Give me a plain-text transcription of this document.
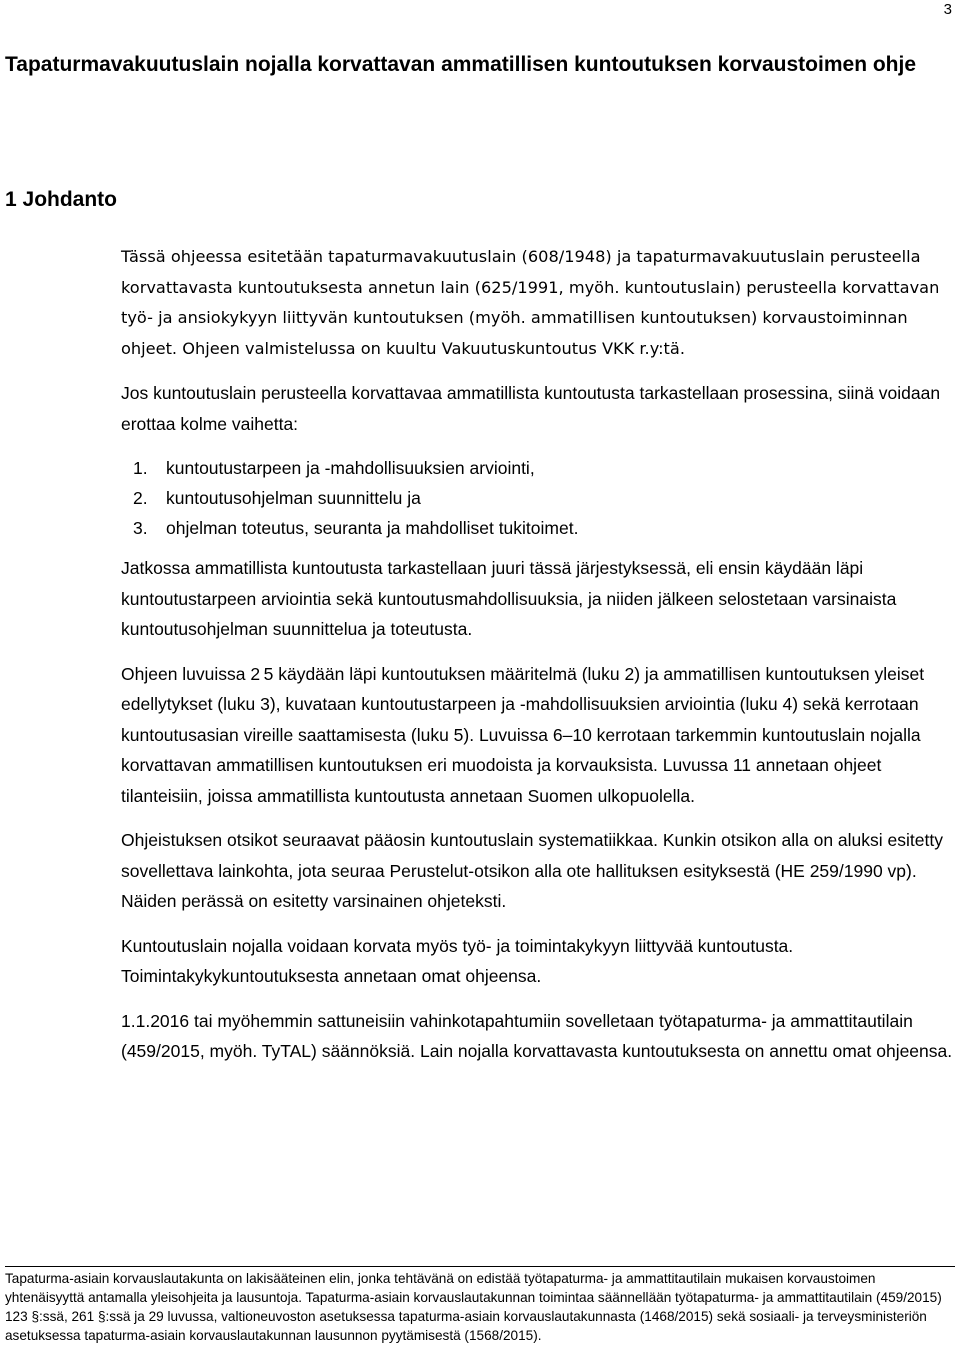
3
Tapaturmavakuutuslain nojalla korvattavan ammatillisen kuntoutuksen korvaustoimen ohje
1 Johdanto

Tässä ohjeessa esitetään tapaturmavakuutuslain (608/1948) ja tapaturmavakuutuslain perusteella korvattavasta kuntoutuksesta annetun lain (625/1991, myöh. kuntoutuslain) perusteella korvattavan työ- ja ansiokykyyn liittyvän kuntoutuksen (myöh. ammatillisen kuntoutuksen) korvaustoiminnan ohjeet. Ohjeen valmistelussa on kuultu Vakuutuskuntoutus VKK r.y:tä.

Jos kuntoutuslain perusteella korvattavaa ammatillista kuntoutusta tarkastellaan prosessina, siinä voidaan erottaa kolme vaihetta:

1.	kuntoutustarpeen ja -mahdollisuuksien arviointi,
2.	kuntoutusohjelman suunnittelu ja
3.	ohjelman toteutus, seuranta ja mahdolliset tukitoimet.

Jatkossa ammatillista kuntoutusta tarkastellaan juuri tässä järjestyksessä, eli ensin käydään läpi kuntoutustarpeen arviointia sekä kuntoutusmahdollisuuksia, ja niiden jälkeen selostetaan varsinaista kuntoutusohjelman suunnittelua ja toteutusta.

Ohjeen luvuissa 2 5 käydään läpi kuntoutuksen määritelmä (luku 2) ja ammatillisen kuntoutuksen yleiset edellytykset (luku 3), kuvataan kuntoutustarpeen ja -mahdollisuuksien arviointia (luku 4) sekä kerrotaan kuntoutusasian vireille saattamisesta (luku 5). Luvuissa 6–10 kerrotaan tarkemmin kuntoutuslain nojalla korvattavan ammatillisen kuntoutuksen eri muodoista ja korvauksista. Luvussa 11 annetaan ohjeet tilanteisiin, joissa ammatillista kuntoutusta annetaan Suomen ulkopuolella.

Ohjeistuksen otsikot seuraavat pääosin kuntoutuslain systematiikkaa. Kunkin otsikon alla on aluksi esitetty sovellettava lainkohta, jota seuraa Perustelut-otsikon alla ote hallituksen esityksestä (HE 259/1990 vp). Näiden perässä on esitetty varsinainen ohjeteksti.

Kuntoutuslain nojalla voidaan korvata myös työ- ja toimintakykyyn liittyvää kuntoutusta. Toimintakykykuntoutuksesta annetaan omat ohjeensa.

1.1.2016 tai myöhemmin sattuneisiin vahinkotapahtumiin sovelletaan työtapaturma- ja ammattitautilain (459/2015, myöh. TyTAL) säännöksiä. Lain nojalla korvattavasta kuntoutuksesta on annettu omat ohjeensa.

Tapaturma-asiain korvauslautakunta on lakisääteinen elin, jonka tehtävänä on edistää työtapaturma- ja ammattitautilain mukaisen korvaustoimen yhtenäisyyttä antamalla yleisohjeita ja lausuntoja. Tapaturma-asiain korvauslautakunnan toimintaa säännellään työtapaturma- ja ammattitautilain (459/2015) 123 §:ssä, 261 §:ssä ja 29 luvussa, valtioneuvoston asetuksessa tapaturma-asiain korvauslautakunnasta (1468/2015) sekä sosiaali- ja terveysministeriön asetuksessa tapaturma-asiain korvauslautakunnan lausunnon pyytämisestä (1568/2015).
